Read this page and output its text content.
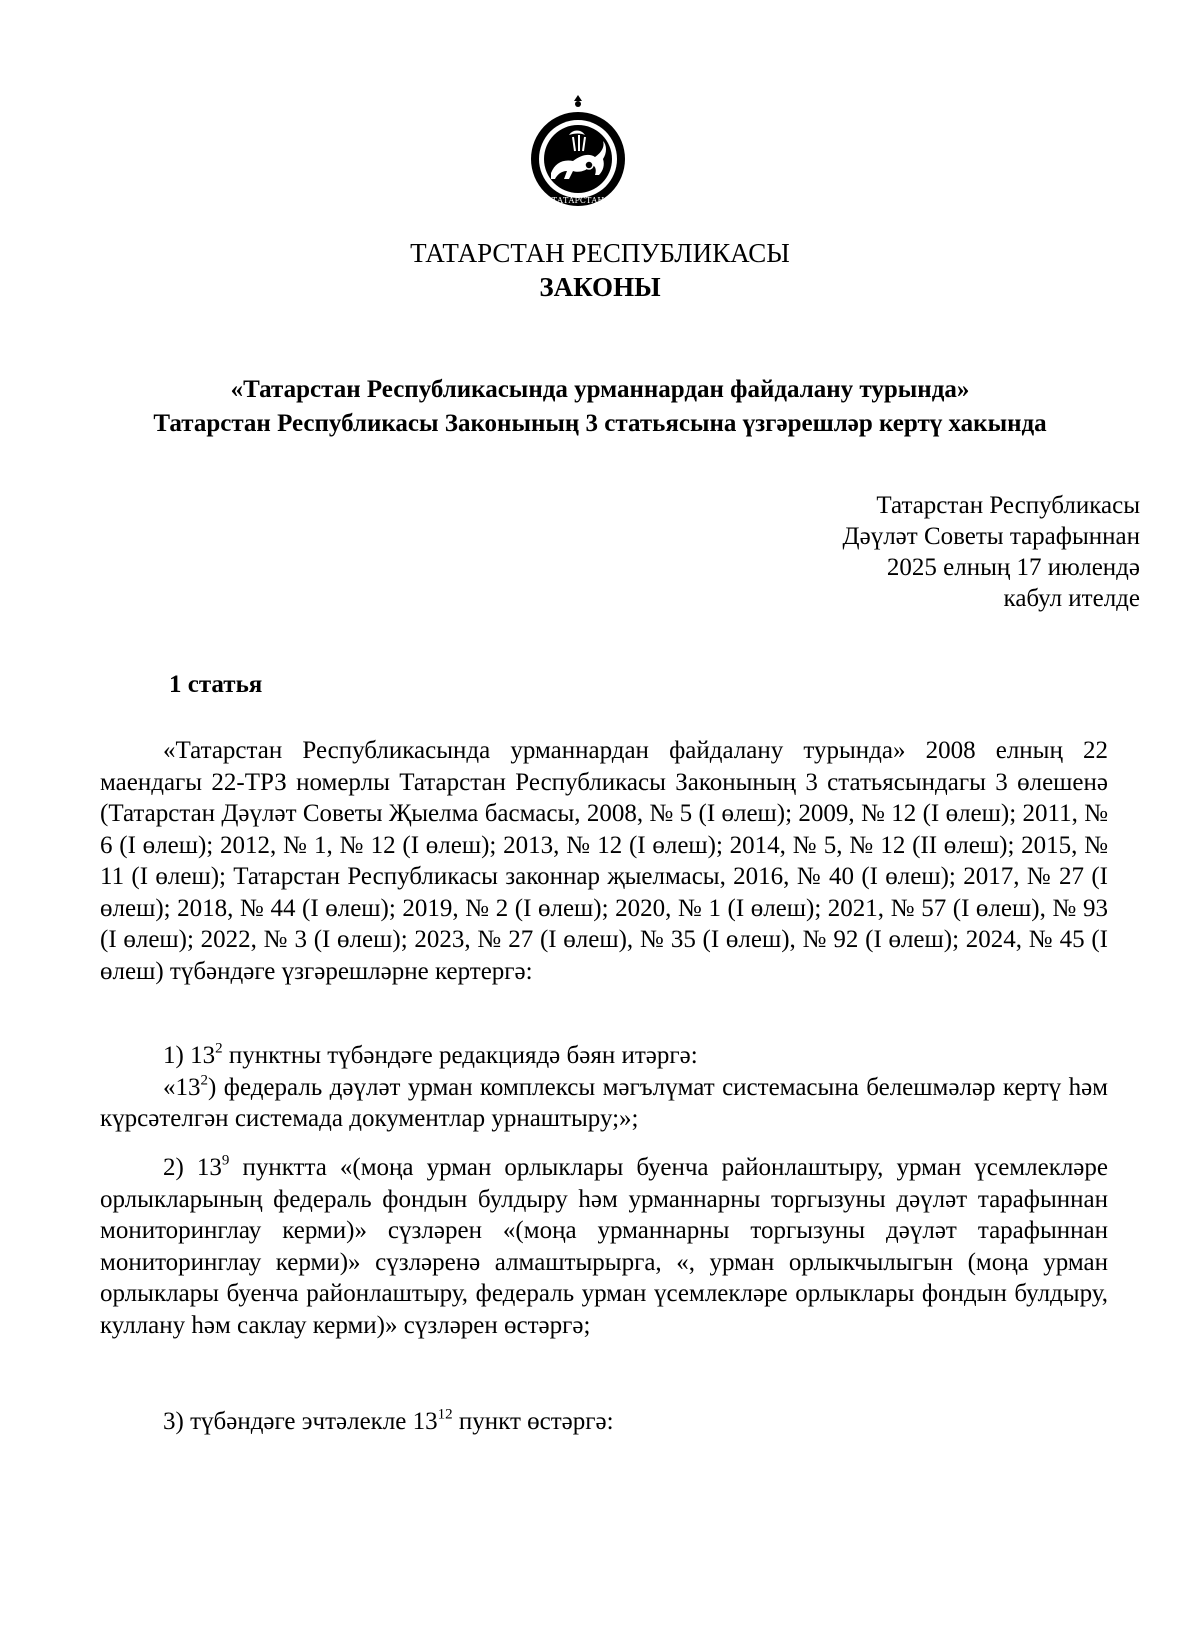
ТАТАРСТАН
ТАТАРСТАН РЕСПУБЛИКАСЫ
ЗАКОНЫ
«Татарстан Республикасында урманнардан файдалану турында»
Татарстан Республикасы Законының 3 статьясына үзгәрешләр кертү хакында
Татарстан Республикасы
Дәүләт Советы тарафыннан
2025 елның 17 июлендә
кабул ителде
1 статья

«Татарстан Республикасында урманнардан файдалану турында» 2008 елның 22 маендагы 22-ТРЗ номерлы Татарстан Республикасы Законының 3 статьясындагы 3 өлешенә (Татарстан Дәүләт Советы Җыелма басмасы, 2008, № 5 (I өлеш); 2009, № 12 (I өлеш); 2011, № 6 (I өлеш); 2012, № 1, № 12 (I өлеш); 2013, № 12 (I өлеш); 2014, № 5, № 12 (II өлеш); 2015, № 11 (I өлеш); Татарстан Республикасы законнар җыелмасы, 2016, № 40 (I өлеш); 2017, № 27 (I өлеш); 2018, № 44 (I өлеш); 2019, № 2 (I өлеш); 2020, № 1 (I өлеш); 2021, № 57 (I өлеш), № 93 (I өлеш); 2022, № 3 (I өлеш); 2023, № 27 (I өлеш), № 35 (I өлеш), № 92 (I өлеш); 2024, № 45 (I өлеш) түбәндәге үзгәрешләрне кертергә:

1) $13^2$ пунктны түбәндәге редакциядә бәян итәргә:

«$13^2$) федераль дәүләт урман комплексы мәгълүмат системасына белешмәләр кертү һәм күрсәтелгән системада документлар урнаштыру;»;

2) $13^9$ пунктта «(моңа урман орлыклары буенча районлаштыру, урман үсемлекләре орлыкларының федераль фондын булдыру һәм урманнарны торгызуны дәүләт тарафыннан мониторинглау керми)» сүзләрен «(моңа урманнарны торгызуны дәүләт тарафыннан мониторинглау керми)» сүзләренә алмаштырырга, «, урман орлыкчылыгын (моңа урман орлыклары буенча районлаштыру, федераль урман үсемлекләре орлыклары фондын булдыру, куллану һәм саклау керми)» сүзләрен өстәргә;

3) түбәндәге эчтәлекле $13^{12}$ пункт өстәргә:
